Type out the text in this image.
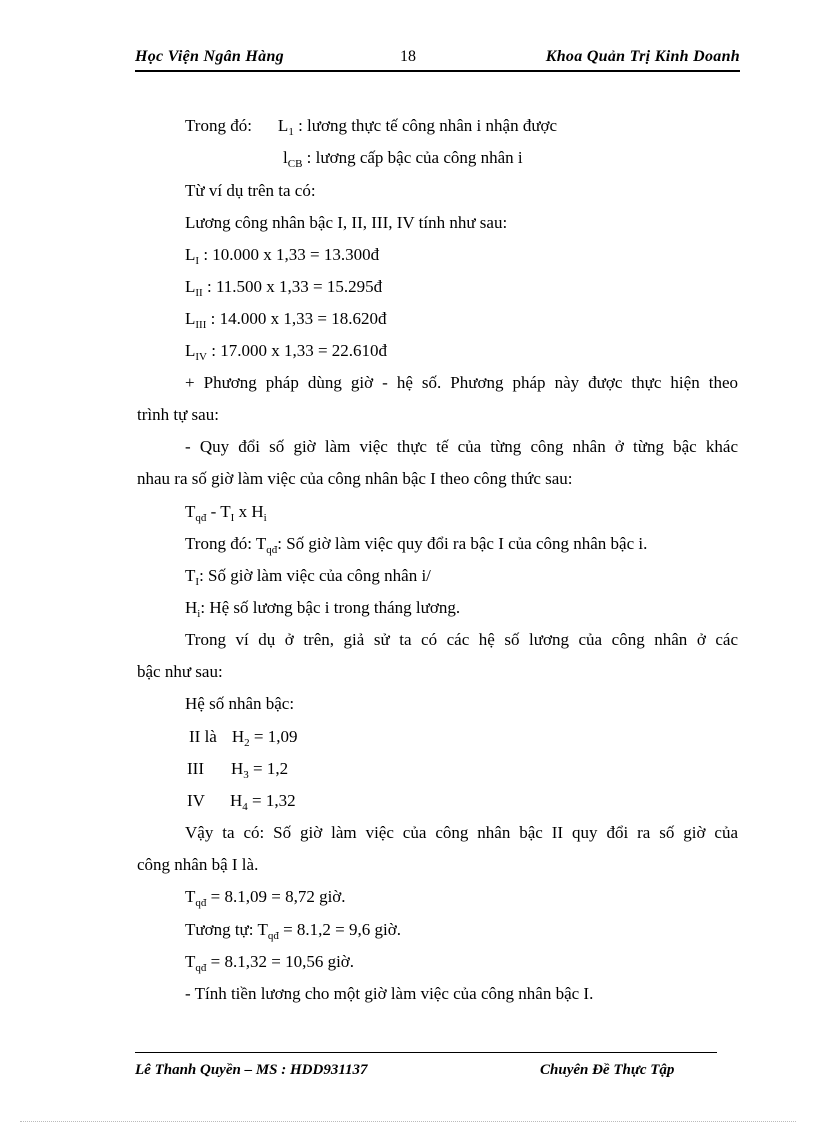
Học Viện Ngân Hàng	18	Khoa Quản Trị Kinh Doanh
Trong đó: $L_1$ : lương thực tế công nhân i nhận được
$l_{CB}$ : lương cấp bậc của công nhân i
Từ ví dụ trên ta có:
Lương công nhân bậc I, II, III, IV tính như sau:
$L_I$ : 10.000 x 1,33 = 13.300đ
$L_{II}$ : 11.500 x 1,33 = 15.295đ
$L_{III}$ : 14.000 x 1,33 = 18.620đ
$L_{IV}$ : 17.000 x 1,33 = 22.610đ
+ Phương pháp dùng giờ - hệ số. Phương pháp này được thực hiện theo
trình tự sau:
- Quy đổi số giờ làm việc thực tế của từng công nhân ở từng bậc khác
nhau ra số giờ làm việc của công nhân bậc I theo công thức sau:
$T_{qđ} - T_I$ x $H_i$
Trong đó: $T_{qđ}$: Số giờ làm việc quy đổi ra bậc I của công nhân bậc i.
$T_I$: Số giờ làm việc của công nhân i/
$H_i$: Hệ số lương bậc i trong tháng lương.
Trong ví dụ ở trên, giả sử ta có các hệ số lương của công nhân ở các
bậc như sau:
Hệ số nhân bậc:
II là $H_2 = 1,09$
III $H_3 = 1,2$
IV $H_4 = 1,32$
Vậy ta có: Số giờ làm việc của công nhân bậc II quy đổi ra số giờ của
công nhân bậ I là.
$T_{qđ} = 8.1,09 = 8,72$ giờ.
Tương tự: $T_{qđ} = 8.1,2 = 9,6$ giờ.
$T_{qđ} = 8.1,32 = 10,56$ giờ.
- Tính tiền lương cho một giờ làm việc của công nhân bậc I.
Lê Thanh Quyền – MS : HDD931137	Chuyên Đề Thực Tập
